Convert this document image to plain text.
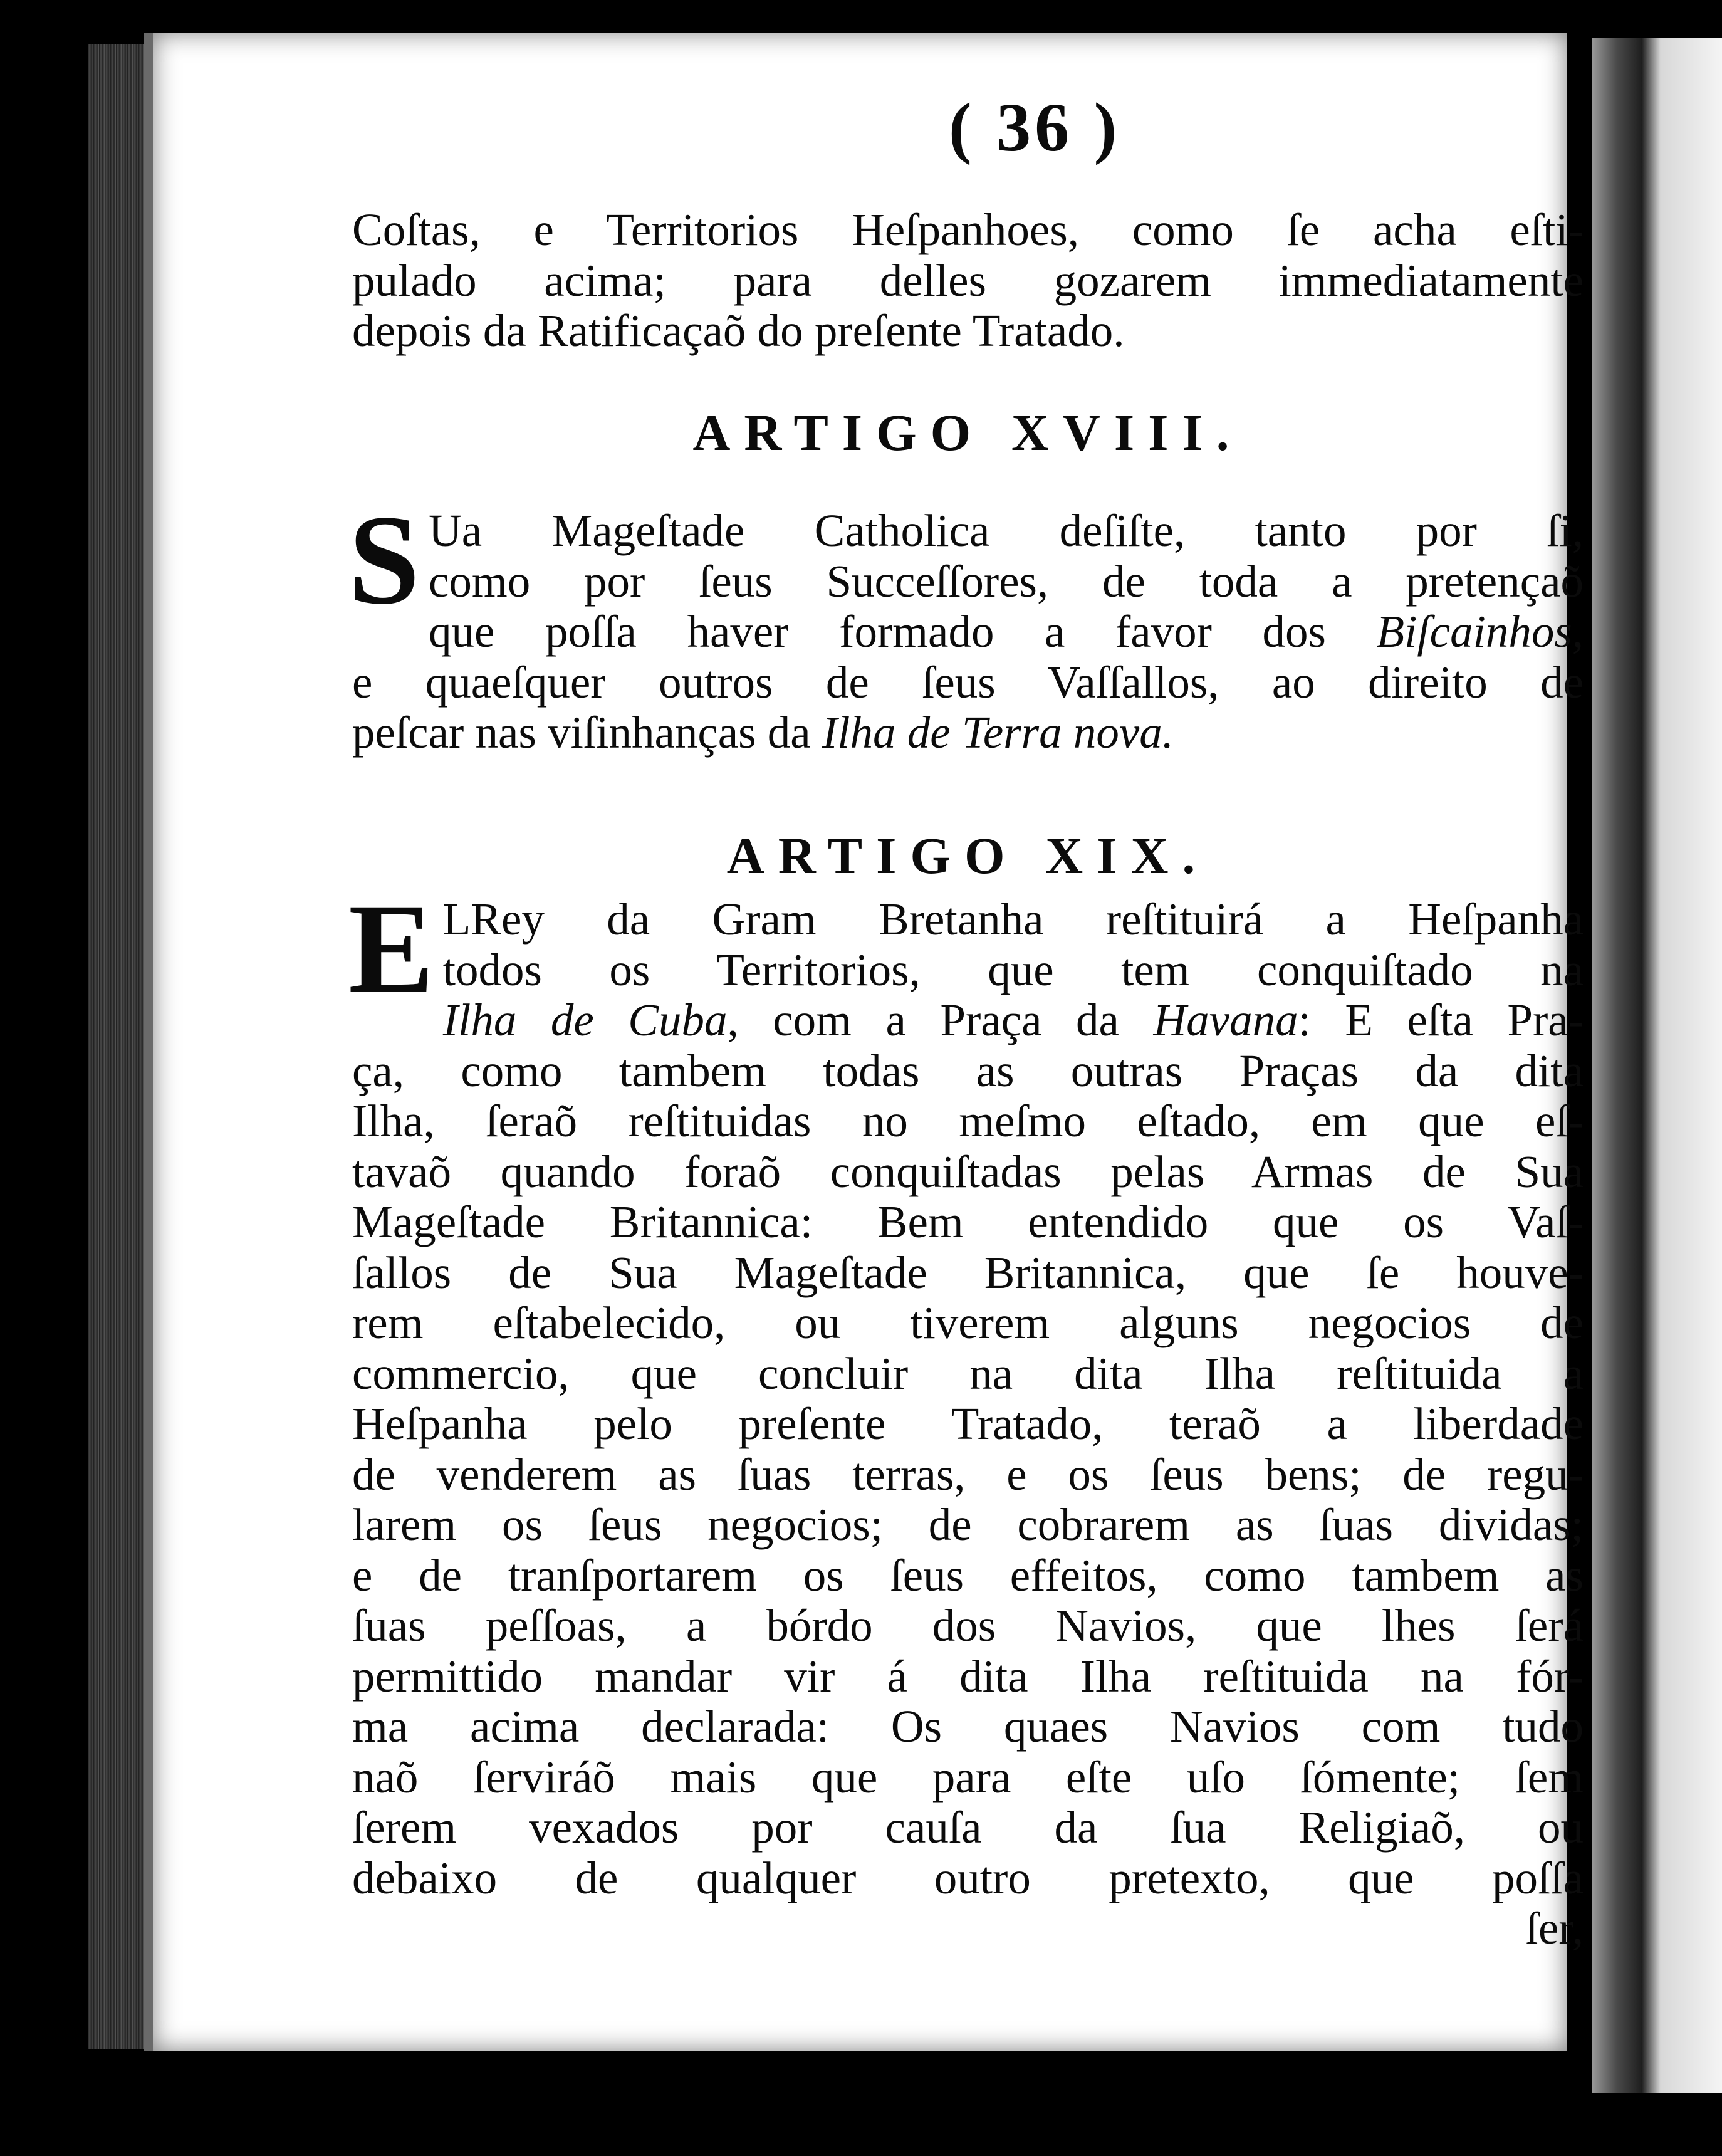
( 36 )

Coſtas, e Territorios Heſpanhoes, como ſe acha eſti-

pulado acima; para delles gozarem immediatamente

depois da Ratificaçaõ do preſente Tratado.

ARTIGO XVIII.
S Ua Mageſtade Catholica deſiſte, tanto por ſi,

como por ſeus Succeſſores, de toda a pretençaõ

que poſſa haver formado a favor dos Biſcainhos,

e quaeſquer outros de ſeus Vaſſallos, ao direito de

peſcar nas viſinhanças da Ilha de Terra nova.

ARTIGO XIX.
E LRey da Gram Bretanha reſtituirá a Heſpanha

todos os Territorios, que tem conquiſtado na

Ilha de Cuba, com a Praça da Havana: E eſta Pra-

ça, como tambem todas as outras Praças da dita

Ilha, ſeraõ reſtituidas no meſmo eſtado, em que eſ-

tavaõ quando foraõ conquiſtadas pelas Armas de Sua

Mageſtade Britannica: Bem entendido que os Vaſ-

ſallos de Sua Mageſtade Britannica, que ſe houve-

rem eſtabelecido, ou tiverem alguns negocios de

commercio, que concluir na dita Ilha reſtituida a

Heſpanha pelo preſente Tratado, teraõ a liberdade

de venderem as ſuas terras, e os ſeus bens; de regu-

larem os ſeus negocios; de cobrarem as ſuas dividas;

e de tranſportarem os ſeus effeitos, como tambem as

ſuas peſſoas, a bórdo dos Navios, que lhes ſerá

permittido mandar vir á dita Ilha reſtituida na fór-

ma acima declarada: Os quaes Navios com tudo

naõ ſerviráõ mais que para eſte uſo ſómente; ſem

ſerem vexados por cauſa da ſua Religiaõ, ou

debaixo de qualquer outro pretexto, que poſſa

ſer,
